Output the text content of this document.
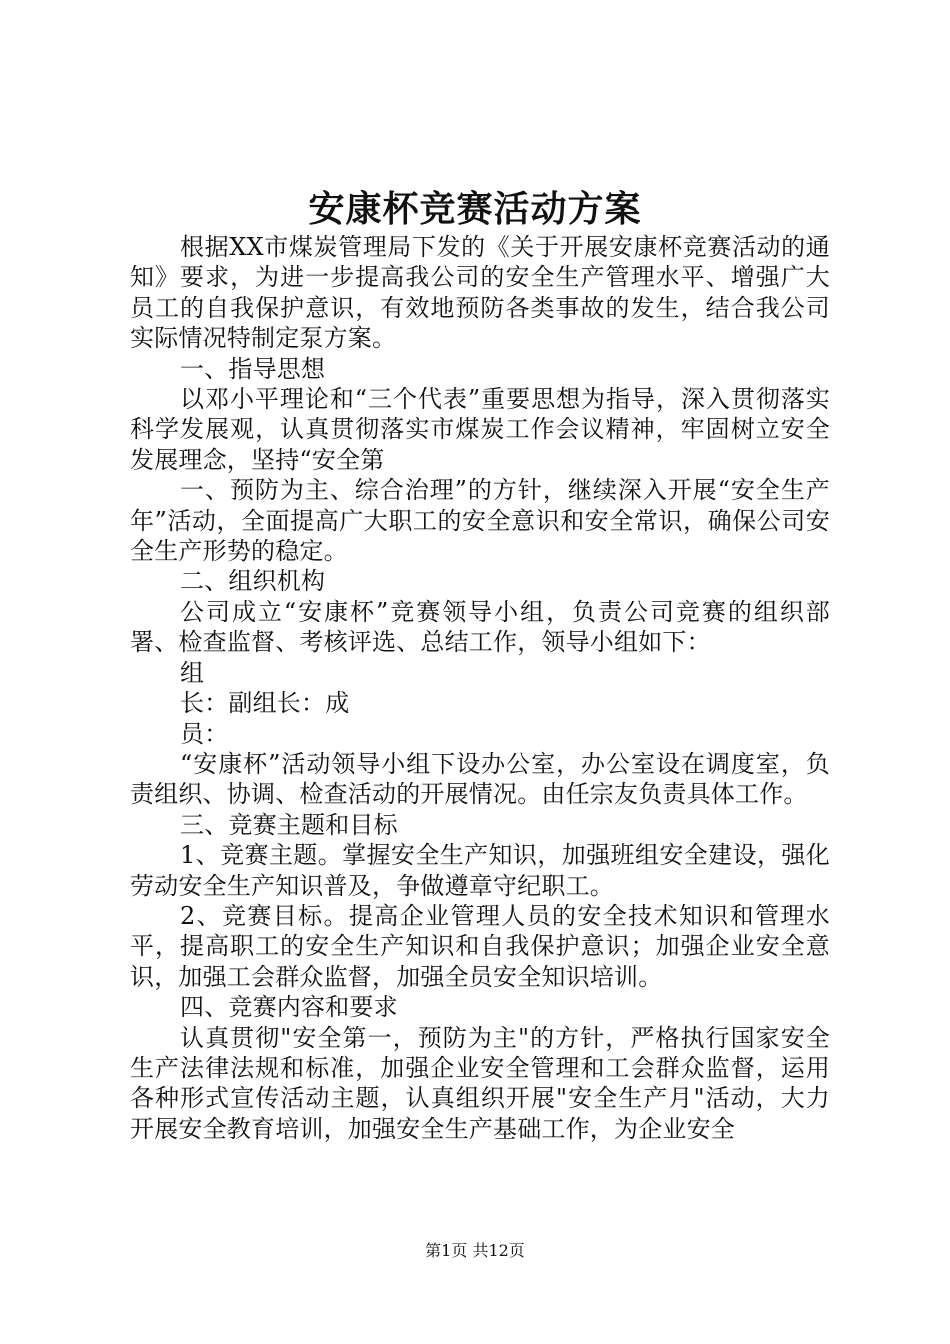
安康杯竞赛活动方案

根据XX市煤炭管理局下发的《关于开展安康杯竞赛活动的通知》要求，为进一步提高我公司的安全生产管理水平、增强广大员工的自我保护意识，有效地预防各类事故的发生，结合我公司实际情况特制定泵方案。

一、指导思想

以邓小平理论和“三个代表”重要思想为指导，深入贯彻落实科学发展观，认真贯彻落实市煤炭工作会议精神，牢固树立安全发展理念，坚持“安全第

一、预防为主、综合治理”的方针，继续深入开展“安全生产年”活动，全面提高广大职工的安全意识和安全常识，确保公司安全生产形势的稳定。

二、组织机构

公司成立“安康杯”竞赛领导小组，负责公司竞赛的组织部署、检查监督、考核评选、总结工作，领导小组如下：

组

长：副组长：成

员：

“安康杯”活动领导小组下设办公室，办公室设在调度室，负责组织、协调、检查活动的开展情况。由任宗友负责具体工作。

三、竞赛主题和目标

1、竞赛主题。掌握安全生产知识，加强班组安全建设，强化劳动安全生产知识普及，争做遵章守纪职工。

2、竞赛目标。提高企业管理人员的安全技术知识和管理水平，提高职工的安全生产知识和自我保护意识；加强企业安全意识，加强工会群众监督，加强全员安全知识培训。

四、竞赛内容和要求

认真贯彻"安全第一，预防为主"的方针，严格执行国家安全生产法律法规和标准，加强企业安全管理和工会群众监督，运用各种形式宣传活动主题，认真组织开展"安全生产月"活动，大力开展安全教育培训，加强安全生产基础工作，为企业安全

第1页 共12页
